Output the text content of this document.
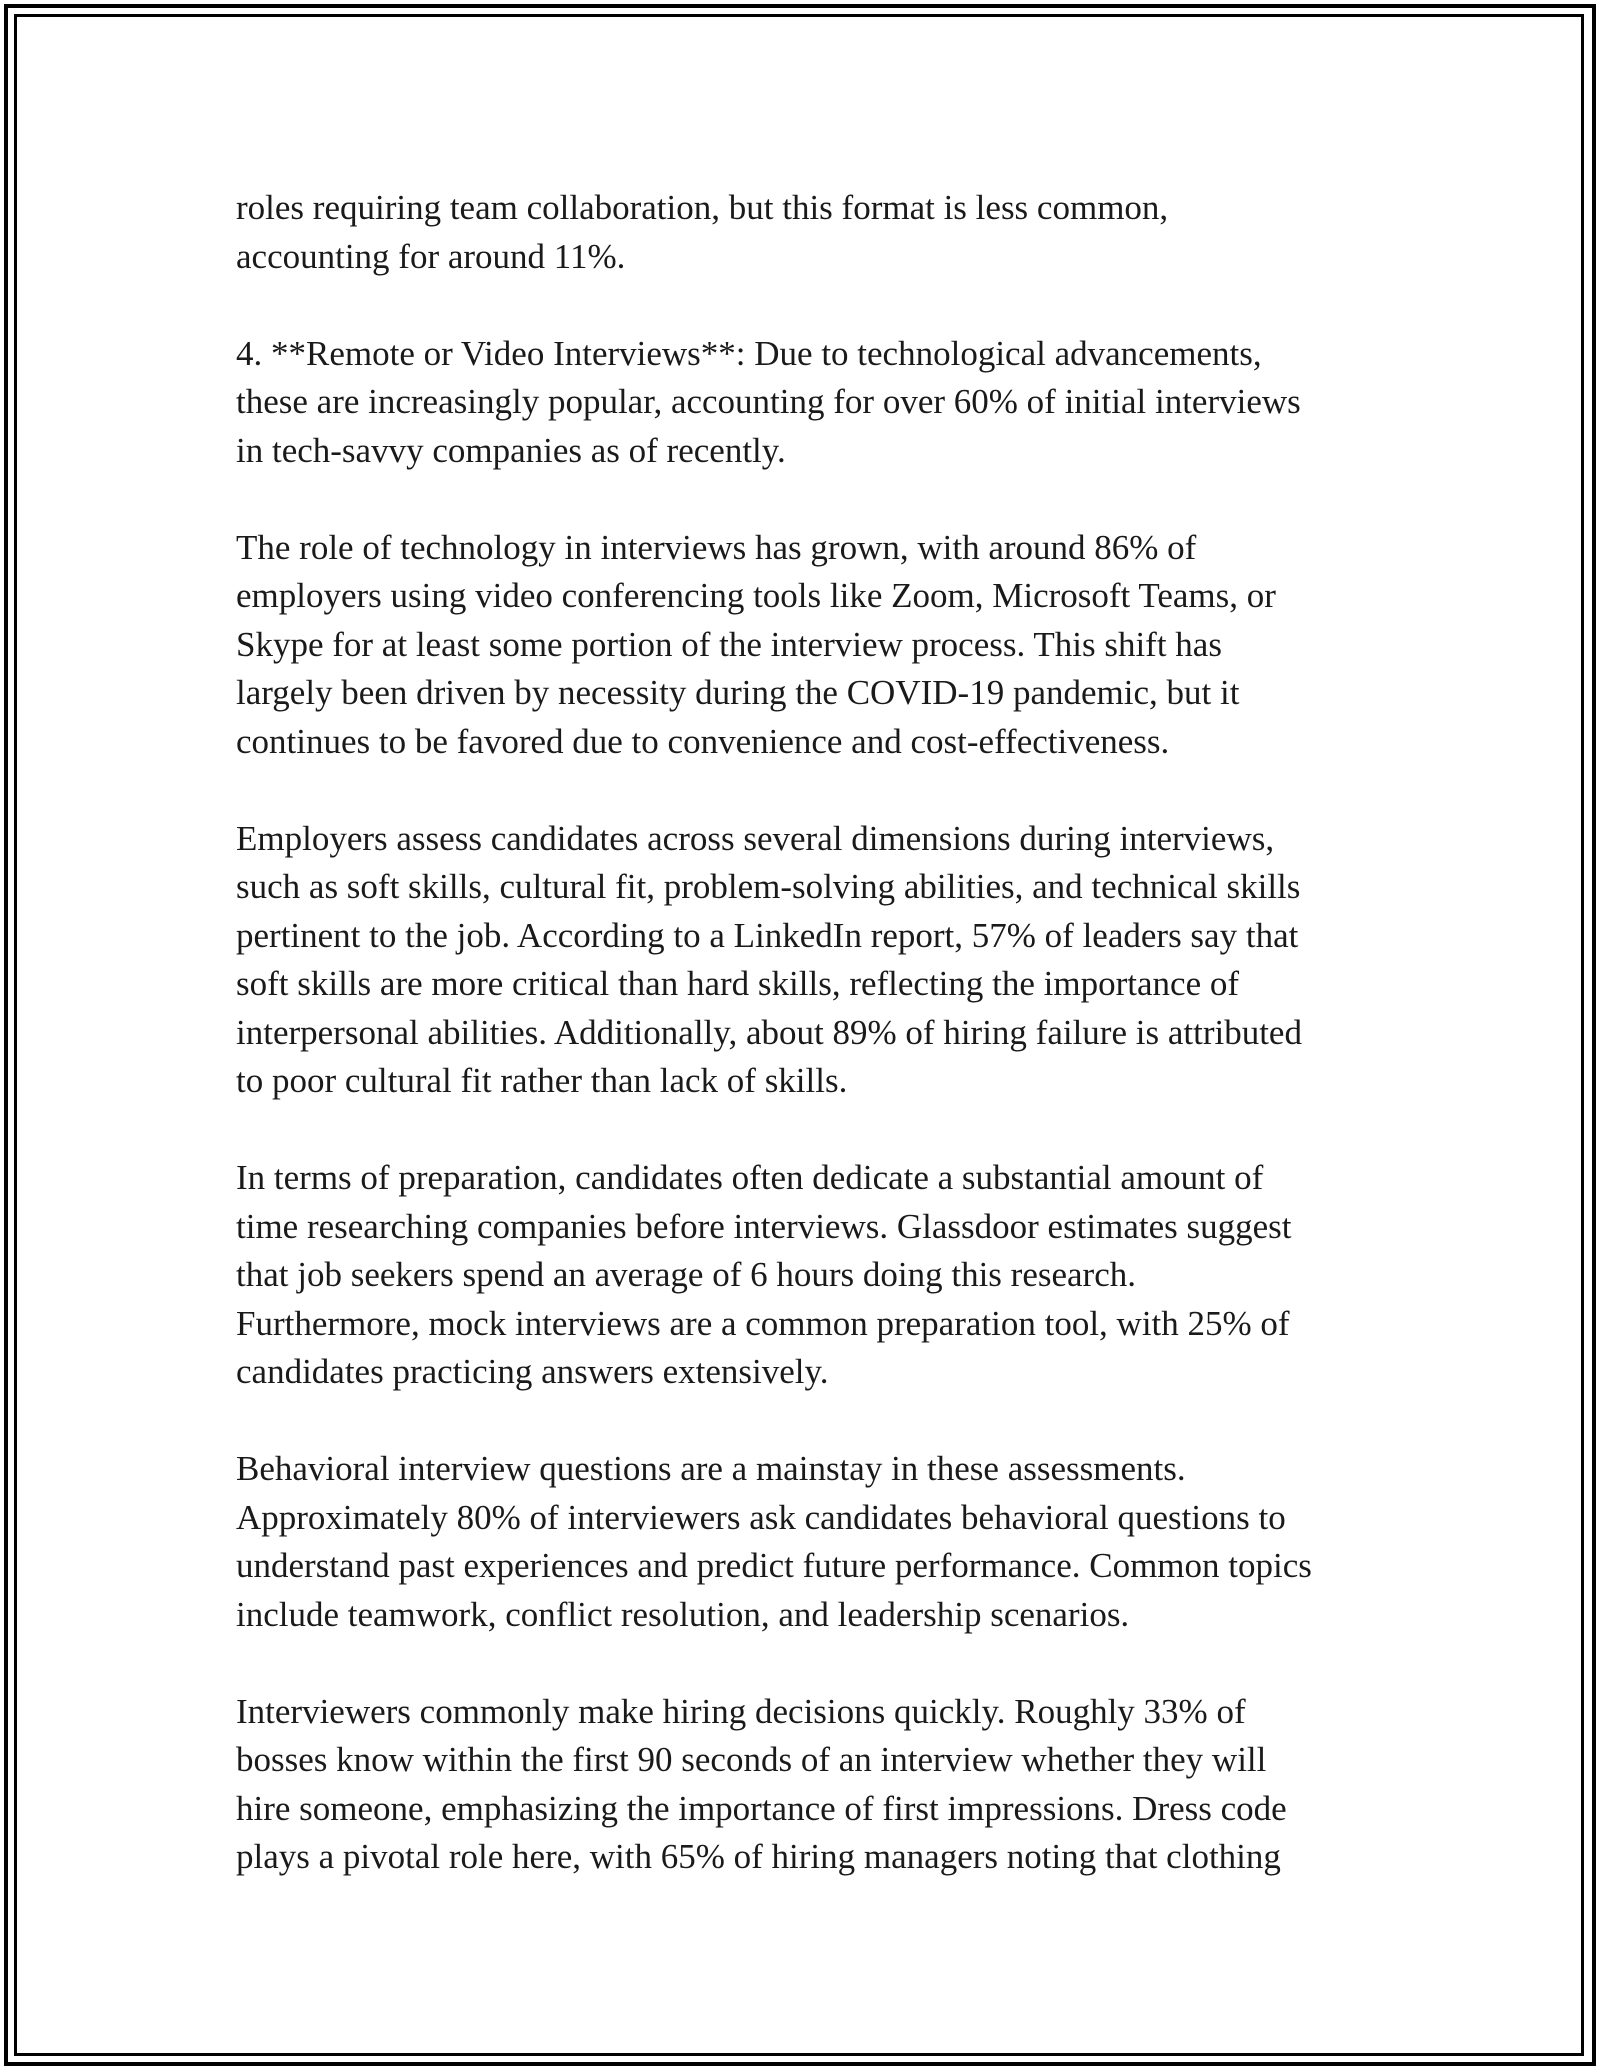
roles requiring team collaboration, but this format is less common,
accounting for around 11%.

4. **Remote or Video Interviews**: Due to technological advancements,
these are increasingly popular, accounting for over 60% of initial interviews
in tech-savvy companies as of recently.

The role of technology in interviews has grown, with around 86% of
employers using video conferencing tools like Zoom, Microsoft Teams, or
Skype for at least some portion of the interview process. This shift has
largely been driven by necessity during the COVID-19 pandemic, but it
continues to be favored due to convenience and cost-effectiveness.

Employers assess candidates across several dimensions during interviews,
such as soft skills, cultural fit, problem-solving abilities, and technical skills
pertinent to the job. According to a LinkedIn report, 57% of leaders say that
soft skills are more critical than hard skills, reflecting the importance of
interpersonal abilities. Additionally, about 89% of hiring failure is attributed
to poor cultural fit rather than lack of skills.

In terms of preparation, candidates often dedicate a substantial amount of
time researching companies before interviews. Glassdoor estimates suggest
that job seekers spend an average of 6 hours doing this research.
Furthermore, mock interviews are a common preparation tool, with 25% of
candidates practicing answers extensively.

Behavioral interview questions are a mainstay in these assessments.
Approximately 80% of interviewers ask candidates behavioral questions to
understand past experiences and predict future performance. Common topics
include teamwork, conflict resolution, and leadership scenarios.

Interviewers commonly make hiring decisions quickly. Roughly 33% of
bosses know within the first 90 seconds of an interview whether they will
hire someone, emphasizing the importance of first impressions. Dress code
plays a pivotal role here, with 65% of hiring managers noting that clothing
